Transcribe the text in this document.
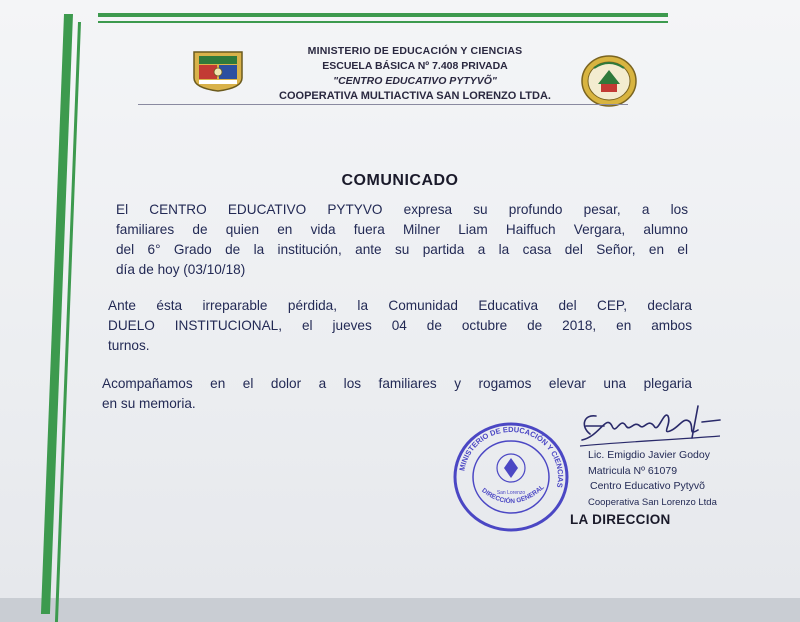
MINISTERIO DE EDUCACIÓN Y CIENCIAS
ESCUELA BÁSICA Nº 7.408 PRIVADA
"CENTRO EDUCATIVO PYTYVÕ"
COOPERATIVA MULTIACTIVA SAN LORENZO LTDA.
COMUNICADO
El CENTRO EDUCATIVO PYTYVO expresa su profundo pesar, a los
familiares de quien en vida fuera Milner Liam Haiffuch Vergara, alumno
del 6° Grado de la institución, ante su partida a la casa del Señor, en el
día de hoy (03/10/18)
Ante ésta irreparable pérdida, la Comunidad Educativa del CEP, declara
DUELO INSTITUCIONAL, el jueves 04 de octubre de 2018, en ambos
turnos.
Acompañamos en el dolor a los familiares y rogamos elevar una plegaria
en su memoria.
MINISTERIO DE EDUCACIÓN Y CIENCIAS
DIRECCIÓN GENERAL
San Lorenzo
Lic. Emigdio Javier Godoy
Matricula Nº 61079
Centro Educativo Pytyvõ
Cooperativa San Lorenzo Ltda
LA DIRECCION
